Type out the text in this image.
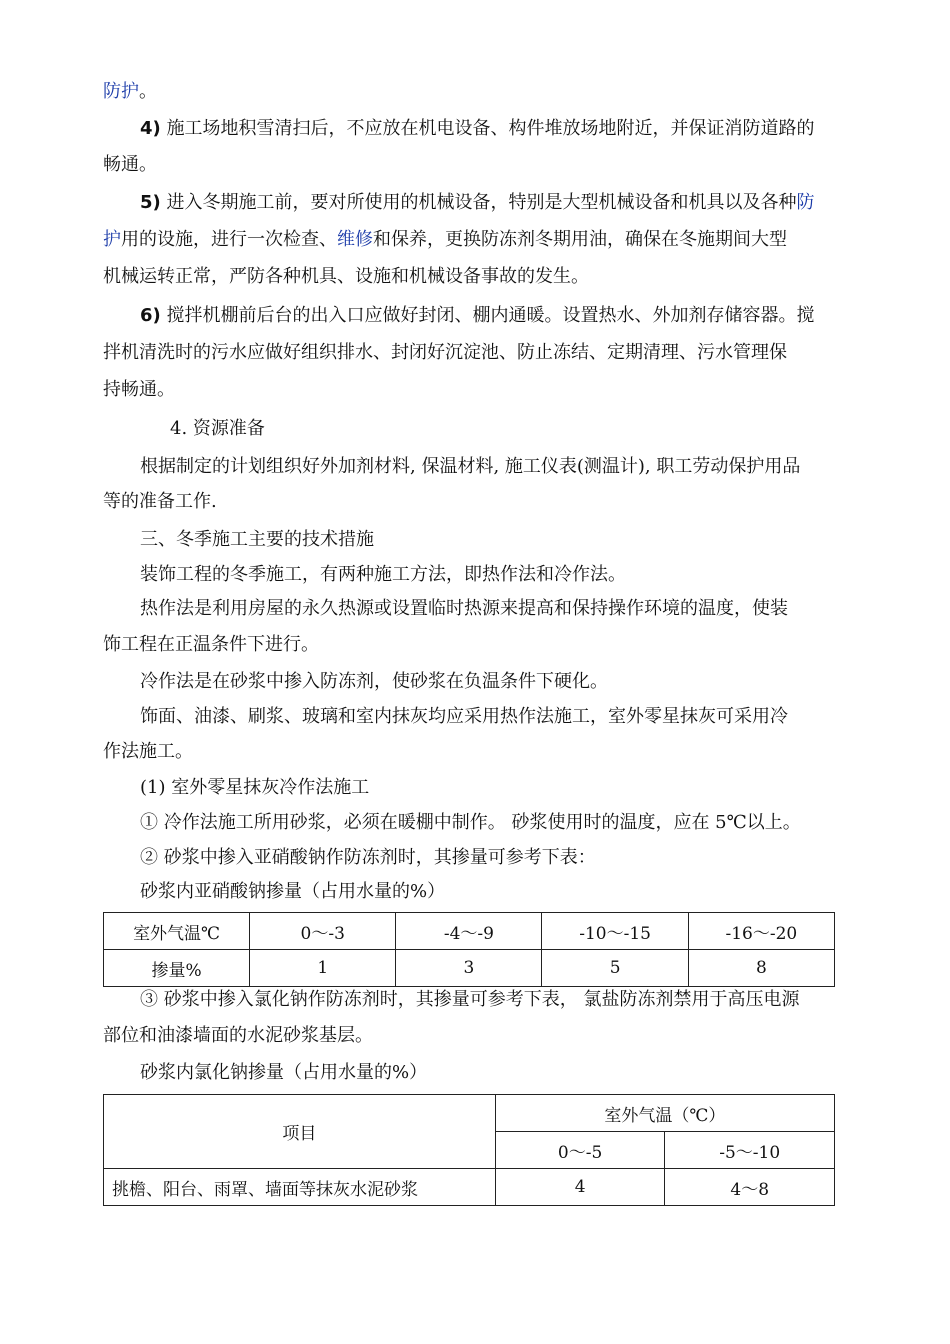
防护。
4) 施工场地积雪清扫后，不应放在机电设备、构件堆放场地附近，并保证消防道路的
畅通。
5) 进入冬期施工前，要对所使用的机械设备，特别是大型机械设备和机具以及各种防
护用的设施，进行一次检查、维修和保养，更换防冻剂冬期用油，确保在冬施期间大型
机械运转正常，严防各种机具、设施和机械设备事故的发生。
6) 搅拌机棚前后台的出入口应做好封闭、棚内通暖。设置热水、外加剂存储容器。搅
拌机清洗时的污水应做好组织排水、封闭好沉淀池、防止冻结、定期清理、污水管理保
持畅通。
4. 资源准备
根据制定的计划组织好外加剂材料, 保温材料, 施工仪表(测温计), 职工劳动保护用品
等的准备工作.
三、冬季施工主要的技术措施
装饰工程的冬季施工，有两种施工方法，即热作法和冷作法。
热作法是利用房屋的永久热源或设置临时热源来提高和保持操作环境的温度，使装
饰工程在正温条件下进行。
冷作法是在砂浆中掺入防冻剂，使砂浆在负温条件下硬化。
饰面、油漆、刷浆、玻璃和室内抹灰均应采用热作法施工，室外零星抹灰可采用冷
作法施工。
(1) 室外零星抹灰冷作法施工
① 冷作法施工所用砂浆，必须在暖棚中制作。 砂浆使用时的温度，应在 5℃以上。
② 砂浆中掺入亚硝酸钠作防冻剂时，其掺量可参考下表：
砂浆内亚硝酸钠掺量（占用水量的%）
室外气温℃	0～-3	-4～-9	-10～-15	-16～-20
掺量%	1	3	5	8
③ 砂浆中掺入氯化钠作防冻剂时，其掺量可参考下表， 氯盐防冻剂禁用于高压电源
部位和油漆墙面的水泥砂浆基层。
砂浆内氯化钠掺量（占用水量的%）
项目	室外气温（℃）	
	0～-5	-5～-10
挑檐、阳台、雨罩、墙面等抹灰水泥砂浆	4	4～8
